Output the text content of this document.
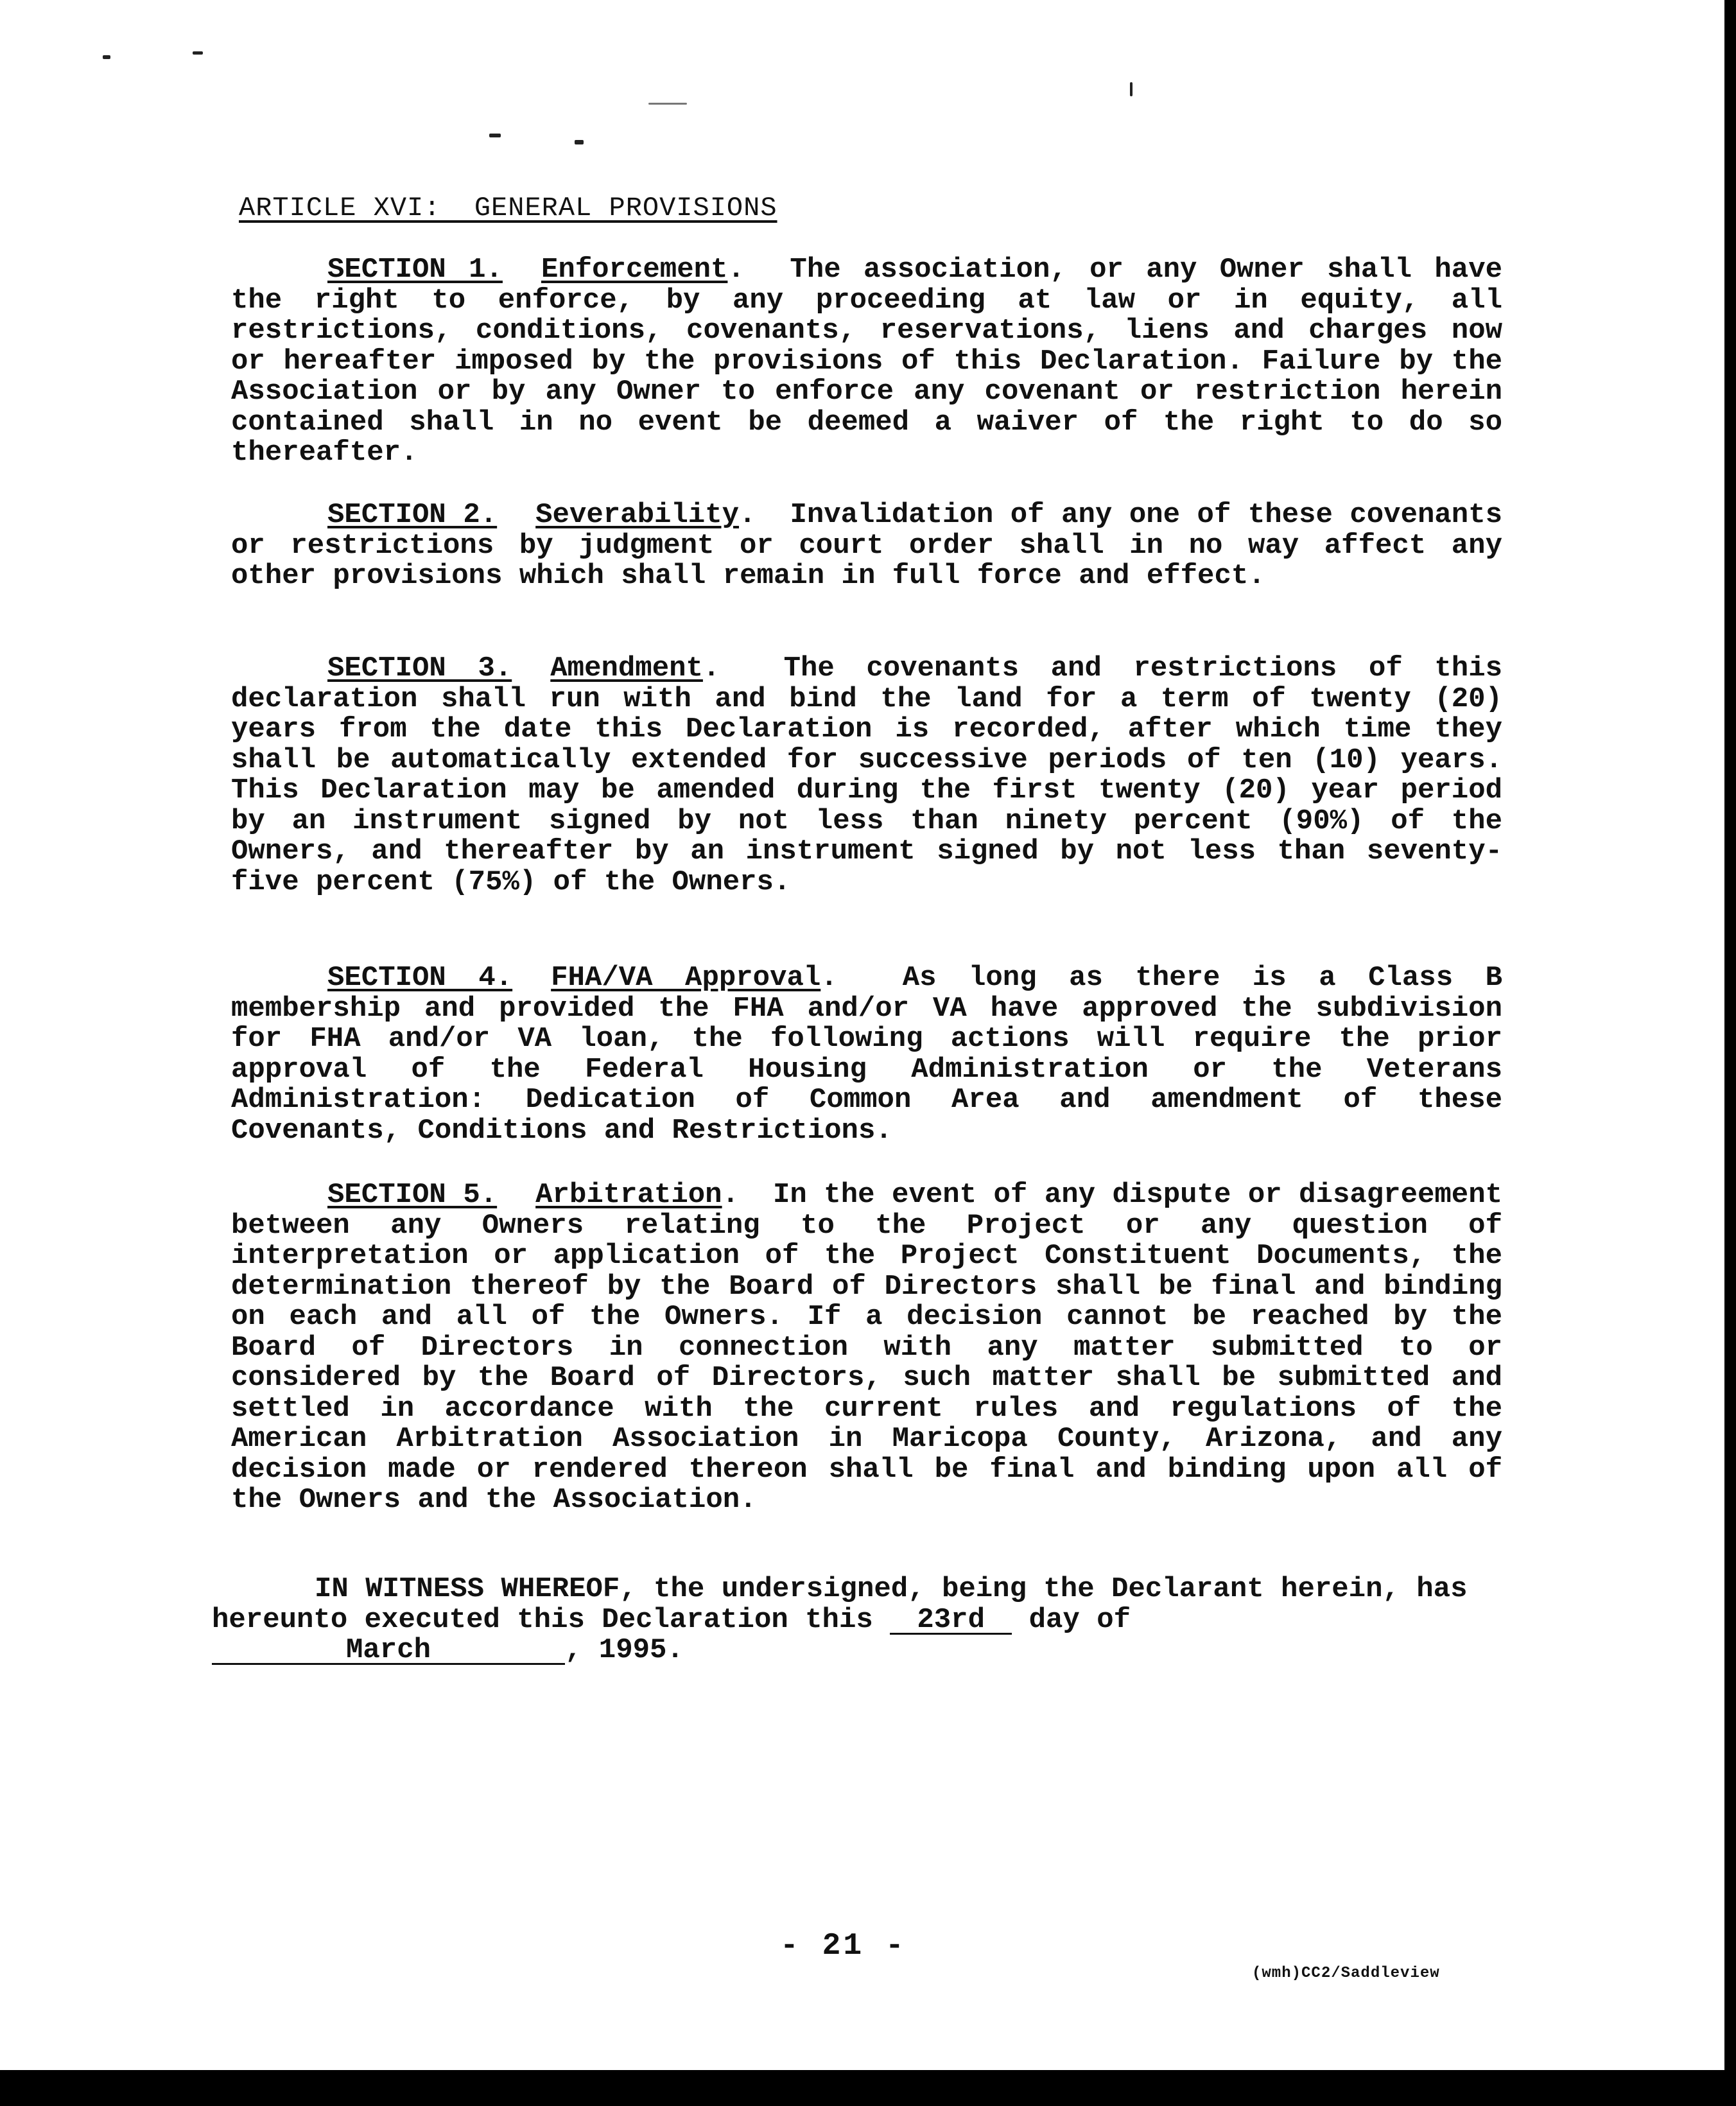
ARTICLE XVI:  GENERAL PROVISIONS

SECTION 1. Enforcement.  The association, or any Owner shall have the right to enforce, by any proceeding at law or in equity, all restrictions, conditions, covenants, reservations, liens and charges now or hereafter imposed by the provisions of this Declaration. Failure by the Association or by any Owner to enforce any covenant or restriction herein contained shall in no event be deemed a waiver of the right to do so thereafter.

SECTION 2. Severability.  Invalidation of any one of these covenants or restrictions by judgment or court order shall in no way affect any other provisions which shall remain in full force and effect.

SECTION 3. Amendment.  The covenants and restrictions of this declaration shall run with and bind the land for a term of twenty (20) years from the date this Declaration is recorded, after which time they shall be automatically extended for successive periods of ten (10) years. This Declaration may be amended during the first twenty (20) year period by an instrument signed by not less than ninety percent (90%) of the Owners, and thereafter by an instrument signed by not less than seventy-five percent (75%) of the Owners.

SECTION 4. FHA/VA Approval.  As long as there is a Class B membership and provided the FHA and/or VA have approved the subdivision for FHA and/or VA loan, the following actions will require the prior approval of the Federal Housing Administration or the Veterans Administration: Dedication of Common Area and amendment of these Covenants, Conditions and Restrictions.

SECTION 5. Arbitration.  In the event of any dispute or disagreement between any Owners relating to the Project or any question of interpretation or application of the Project Constituent Documents, the determination thereof by the Board of Directors shall be final and binding on each and all of the Owners. If a decision cannot be reached by the Board of Directors in connection with any matter submitted to or considered by the Board of Directors, such matter shall be submitted and settled in accordance with the current rules and regulations of the American Arbitration Association in Maricopa County, Arizona, and any decision made or rendered thereon shall be final and binding upon all of the Owners and the Association.

IN WITNESS WHEREOF, the undersigned, being the Declarant herein, has hereunto executed this Declaration this 23rd day of
March	, 1995.

- 21 -
(wmh)CC2/Saddleview
